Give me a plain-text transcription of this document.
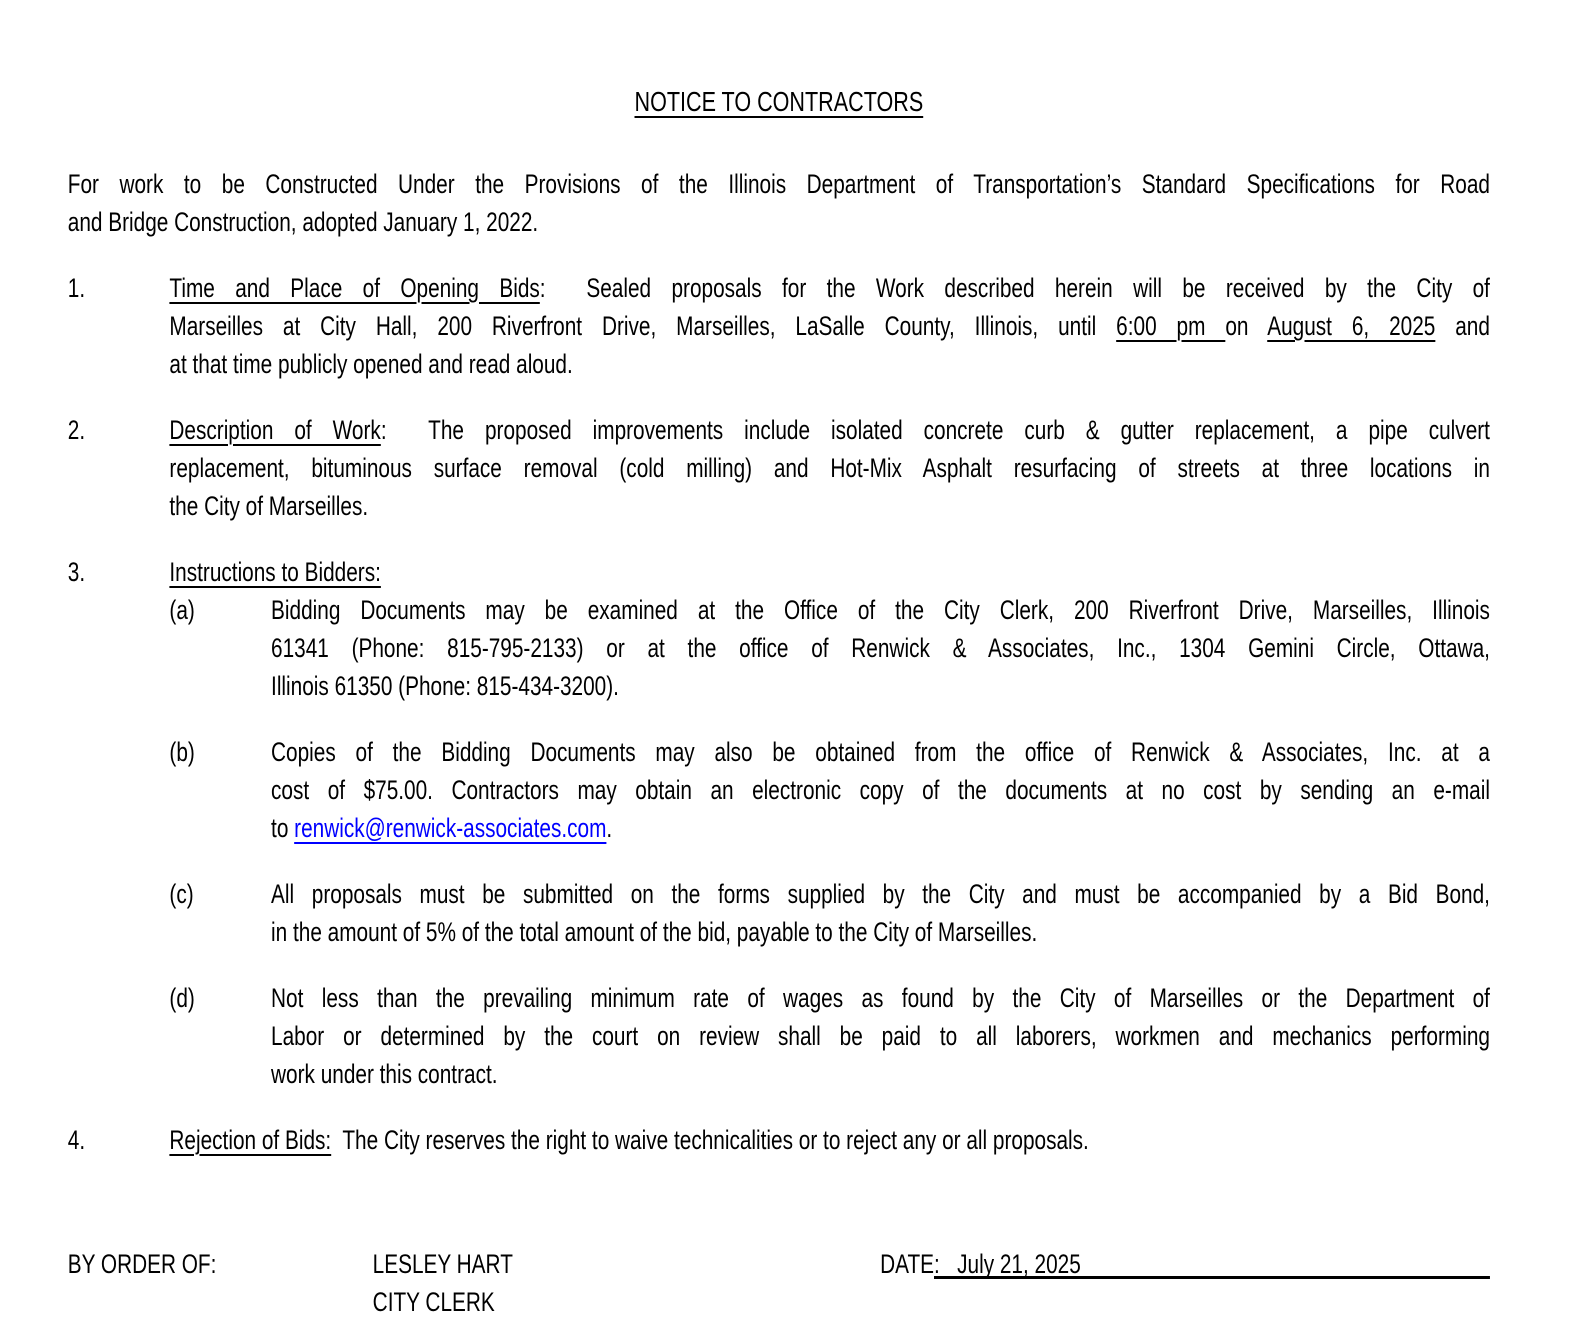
NOTICE TO CONTRACTORS
For work to be Constructed Under the Provisions of the Illinois Department of Transportation’s Standard Specifications for Road
and Bridge Construction, adopted January 1, 2022.
1.	Time and Place of Opening Bids:  Sealed proposals for the Work described herein will be received by the City of
Marseilles at City Hall, 200 Riverfront Drive, Marseilles, LaSalle County, Illinois, until 6:00 pm on August 6, 2025 and
at that time publicly opened and read aloud.
2.	Description of Work:  The proposed improvements include isolated concrete curb & gutter replacement, a pipe culvert
replacement, bituminous surface removal (cold milling) and Hot-Mix Asphalt resurfacing of streets at three locations in
the City of Marseilles.
3.	Instructions to Bidders:
(a)	Bidding Documents may be examined at the Office of the City Clerk, 200 Riverfront Drive, Marseilles, Illinois
61341 (Phone: 815-795-2133) or at the office of Renwick & Associates, Inc., 1304 Gemini Circle, Ottawa,
Illinois 61350 (Phone: 815-434-3200).
(b)	Copies of the Bidding Documents may also be obtained from the office of Renwick & Associates, Inc. at a
cost of $75.00. Contractors may obtain an electronic copy of the documents at no cost by sending an e-mail
to renwick@renwick-associates.com.
(c)	All proposals must be submitted on the forms supplied by the City and must be accompanied by a Bid Bond,
in the amount of 5% of the total amount of the bid, payable to the City of Marseilles.
(d)	Not less than the prevailing minimum rate of wages as found by the City of Marseilles or the Department of
Labor or determined by the court on review shall be paid to all laborers, workmen and mechanics performing
work under this contract.
4.	Rejection of Bids:  The City reserves the right to waive technicalities or to reject any or all proposals.
BY ORDER OF:	LESLEY HART
CITY CLERK
DATE :   July 21, 2025
